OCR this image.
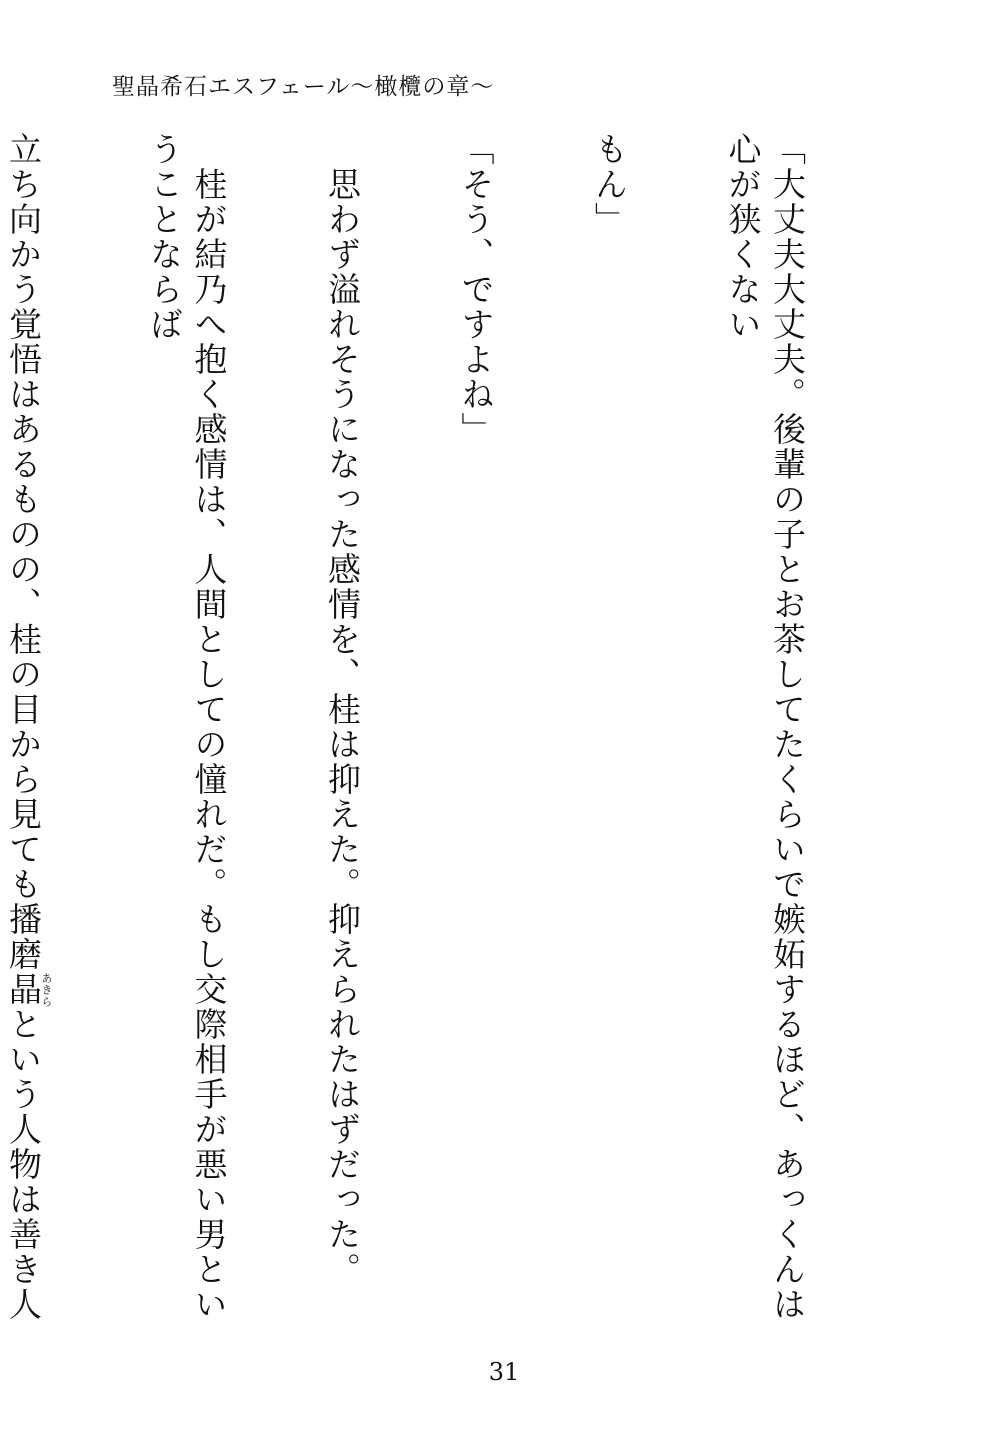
聖晶希石エスフェール〜橄欖の章〜

「大丈夫大丈夫。後輩の子とお茶してたくらいで嫉妬するほど、あっくんは心が狭くない

もん」

「そう、ですよね」

　思わず溢れそうになった感情を、桂は抑えた。抑えられたはずだった。

　桂が結乃へ抱く感情は、人間としての憧れだ。もし交際相手が悪い男ということならば

立ち向かう覚悟はあるものの、桂の目から見ても播磨晶あきらという人物は善き人

31
